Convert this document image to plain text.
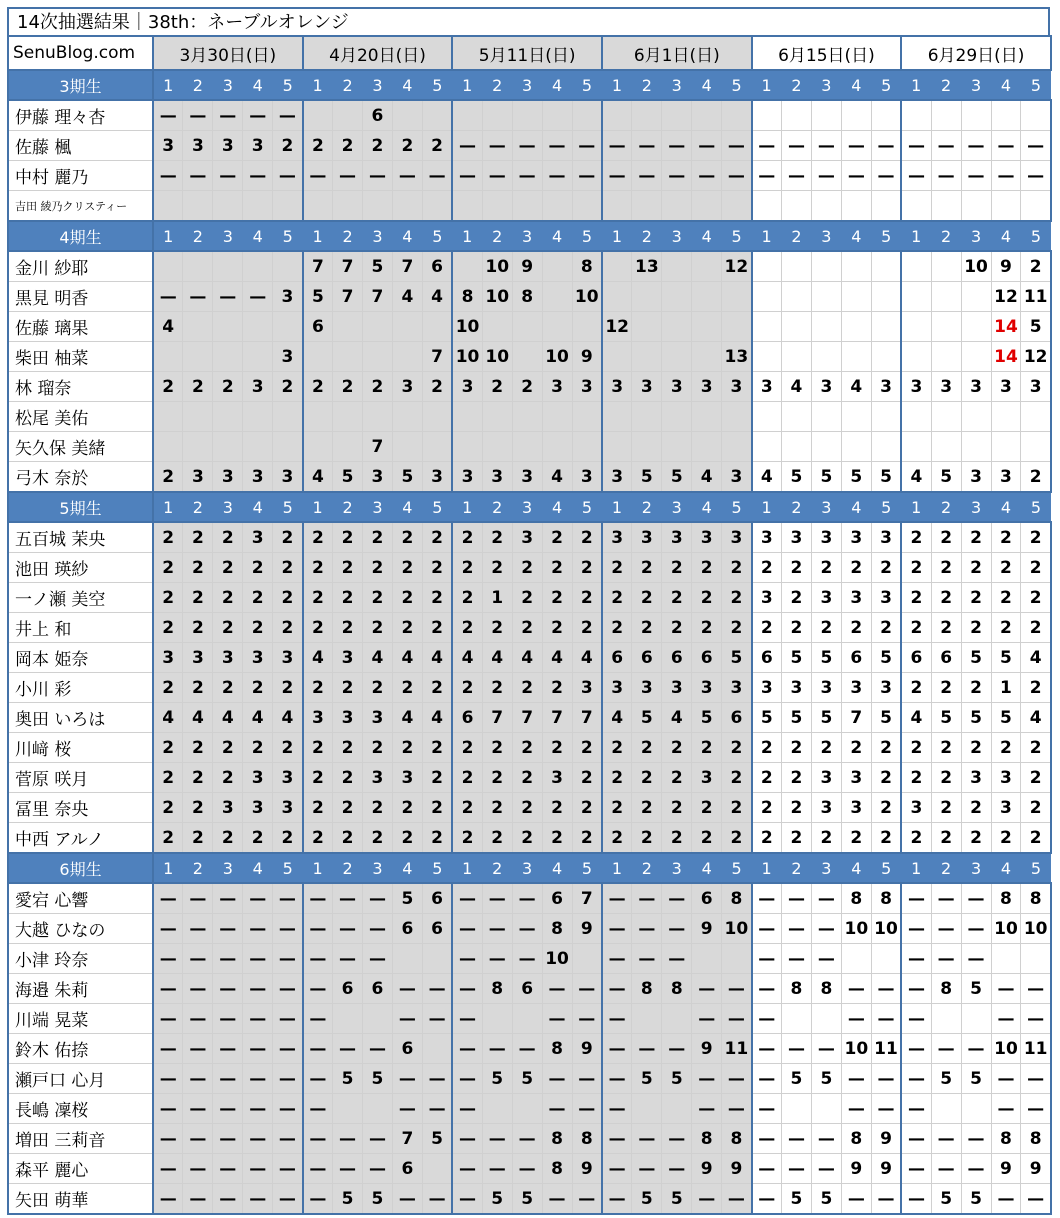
14次抽選結果｜38th：ネーブルオレンジ
SenuBlog.com	3月30日(日)					4月20日(日)					5月11日(日)					6月1日(日)					6月15日(日)					6月29日(日)				
3期生	1	2	3	4	5	1	2	3	4	5	1	2	3	4	5	1	2	3	4	5	1	2	3	4	5	1	2	3	4	5
伊藤 理々杏	—	—	—	—	—			6																						
佐藤 楓	3	3	3	3	2	2	2	2	2	2	—	—	—	—	—	—	—	—	—	—	—	—	—	—	—	—	—	—	—	—
中村 麗乃	—	—	—	—	—	—	—	—	—	—	—	—	—	—	—	—	—	—	—	—	—	—	—	—	—	—	—	—	—	—
吉田 綾乃クリスティー																														
4期生	1	2	3	4	5	1	2	3	4	5	1	2	3	4	5	1	2	3	4	5	1	2	3	4	5	1	2	3	4	5
金川 紗耶						7	7	5	7	6		10	9		8		13			12								10	9	2
黒見 明香	—	—	—	—	3	5	7	7	4	4	8	10	8		10														12	11
佐藤 璃果	4					6					10					12													14	5
柴田 柚菜					3					7	10	10		10	9					13									14	12
林 瑠奈	2	2	2	3	2	2	2	2	3	2	3	2	2	3	3	3	3	3	3	3	3	4	3	4	3	3	3	3	3	3
松尾 美佑																														
矢久保 美緒								7																						
弓木 奈於	2	3	3	3	3	4	5	3	5	3	3	3	3	4	3	3	5	5	4	3	4	5	5	5	5	4	5	3	3	2
5期生	1	2	3	4	5	1	2	3	4	5	1	2	3	4	5	1	2	3	4	5	1	2	3	4	5	1	2	3	4	5
五百城 茉央	2	2	2	3	2	2	2	2	2	2	2	2	3	2	2	3	3	3	3	3	3	3	3	3	3	2	2	2	2	2
池田 瑛紗	2	2	2	2	2	2	2	2	2	2	2	2	2	2	2	2	2	2	2	2	2	2	2	2	2	2	2	2	2	2
一ノ瀬 美空	2	2	2	2	2	2	2	2	2	2	2	1	2	2	2	2	2	2	2	2	3	2	3	3	3	2	2	2	2	2
井上 和	2	2	2	2	2	2	2	2	2	2	2	2	2	2	2	2	2	2	2	2	2	2	2	2	2	2	2	2	2	2
岡本 姫奈	3	3	3	3	3	4	3	4	4	4	4	4	4	4	4	6	6	6	6	5	6	5	5	6	5	6	6	5	5	4
小川 彩	2	2	2	2	2	2	2	2	2	2	2	2	2	2	3	3	3	3	3	3	3	3	3	3	3	2	2	2	1	2
奥田 いろは	4	4	4	4	4	3	3	3	4	4	6	7	7	7	7	4	5	4	5	6	5	5	5	7	5	4	5	5	5	4
川﨑 桜	2	2	2	2	2	2	2	2	2	2	2	2	2	2	2	2	2	2	2	2	2	2	2	2	2	2	2	2	2	2
菅原 咲月	2	2	2	3	3	2	2	3	3	2	2	2	2	3	2	2	2	2	3	2	2	2	3	3	2	2	2	3	3	2
冨里 奈央	2	2	3	3	3	2	2	2	2	2	2	2	2	2	2	2	2	2	2	2	2	2	3	3	2	3	2	2	3	2
中西 アルノ	2	2	2	2	2	2	2	2	2	2	2	2	2	2	2	2	2	2	2	2	2	2	2	2	2	2	2	2	2	2
6期生	1	2	3	4	5	1	2	3	4	5	1	2	3	4	5	1	2	3	4	5	1	2	3	4	5	1	2	3	4	5
愛宕 心響	—	—	—	—	—	—	—	—	5	6	—	—	—	6	7	—	—	—	6	8	—	—	—	8	8	—	—	—	8	8
大越 ひなの	—	—	—	—	—	—	—	—	6	6	—	—	—	8	9	—	—	—	9	10	—	—	—	10	10	—	—	—	10	10
小津 玲奈	—	—	—	—	—	—	—	—			—	—	—	10		—	—	—			—	—	—			—	—	—		
海邉 朱莉	—	—	—	—	—	—	6	6	—	—	—	8	6	—	—	—	8	8	—	—	—	8	8	—	—	—	8	5	—	—
川端 晃菜	—	—	—	—	—	—			—	—	—			—	—	—			—	—	—			—	—	—			—	—
鈴木 佑捺	—	—	—	—	—	—	—	—	6		—	—	—	8	9	—	—	—	9	11	—	—	—	10	11	—	—	—	10	11
瀬戸口 心月	—	—	—	—	—	—	5	5	—	—	—	5	5	—	—	—	5	5	—	—	—	5	5	—	—	—	5	5	—	—
長嶋 凜桜	—	—	—	—	—	—			—	—	—			—	—	—			—	—	—			—	—	—			—	—
増田 三莉音	—	—	—	—	—	—	—	—	7	5	—	—	—	8	8	—	—	—	8	8	—	—	—	8	9	—	—	—	8	8
森平 麗心	—	—	—	—	—	—	—	—	6		—	—	—	8	9	—	—	—	9	9	—	—	—	9	9	—	—	—	9	9
矢田 萌華	—	—	—	—	—	—	5	5	—	—	—	5	5	—	—	—	5	5	—	—	—	5	5	—	—	—	5	5	—	—
